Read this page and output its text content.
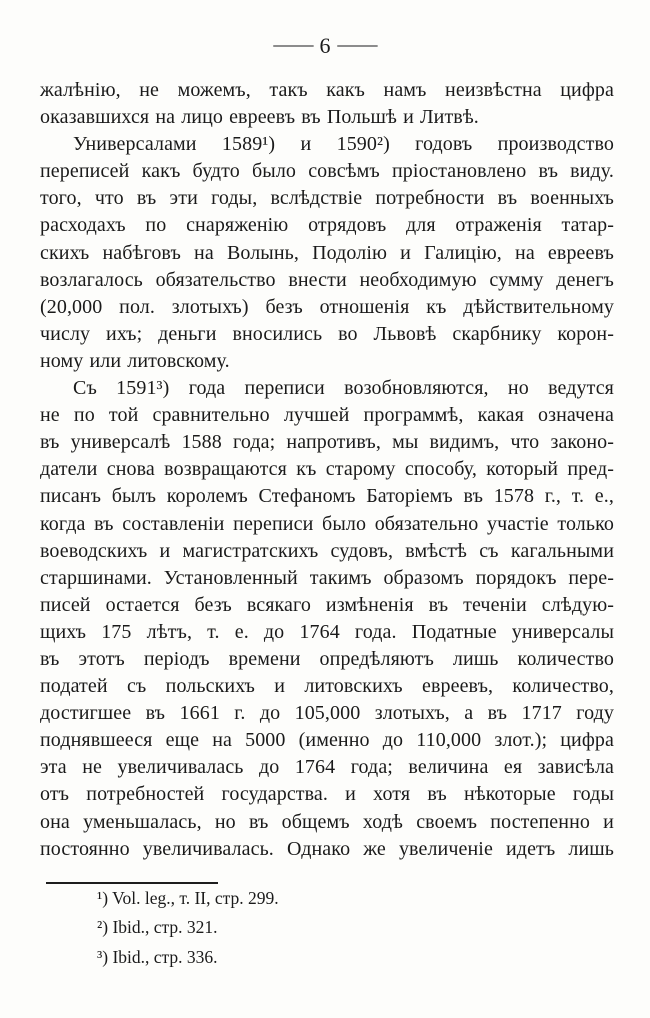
— 6 —
жалѣнію, не можемъ, такъ какъ намъ неизвѣстна цифра
оказавшихся на лицо евреевъ въ Польшѣ и Литвѣ.
Универсалами 1589¹) и 1590²) годовъ производство
переписей какъ будто было совсѣмъ пріостановлено въ виду.
того, что въ эти годы, вслѣдствіе потребности въ военныхъ
расходахъ по снаряженію отрядовъ для отраженія татар-
скихъ набѣговъ на Волынь, Подолію и Галицію, на евреевъ
возлагалось обязательство внести необходимую сумму денегъ
(20,000 пол. злотыхъ) безъ отношенія къ дѣйствительному
числу ихъ; деньги вносились во Львовѣ скарбнику корон-
ному или литовскому.
Съ 1591³) года переписи возобновляются, но ведутся
не по той сравнительно лучшей программѣ, какая означена
въ универсалѣ 1588 года; напротивъ, мы видимъ, что законо-
датели снова возвращаются къ старому способу, который пред-
писанъ былъ королемъ Стефаномъ Баторіемъ въ 1578 г., т. е.,
когда въ составленіи переписи было обязательно участіе только
воеводскихъ и магистратскихъ судовъ, вмѣстѣ съ кагальными
старшинами. Установленный такимъ образомъ порядокъ пере-
писей остается безъ всякаго измѣненія въ теченіи слѣдую-
щихъ 175 лѣтъ, т. е. до 1764 года. Податные универсалы
въ этотъ періодъ времени опредѣляютъ лишь количество
податей съ польскихъ и литовскихъ евреевъ, количество,
достигшее въ 1661 г. до 105,000 злотыхъ, а въ 1717 году
поднявшееся еще на 5000 (именно до 110,000 злот.); цифра
эта не увеличивалась до 1764 года; величина ея зависѣла
отъ потребностей государства. и хотя въ нѣкоторые годы
она уменьшалась, но въ общемъ ходѣ своемъ постепенно и
постоянно увеличивалась. Однако же увеличеніе идетъ лишь
¹) Vol. leg., т. II, стр. 299.
²) Ibid., стр. 321.
³) Ibid., стр. 336.
